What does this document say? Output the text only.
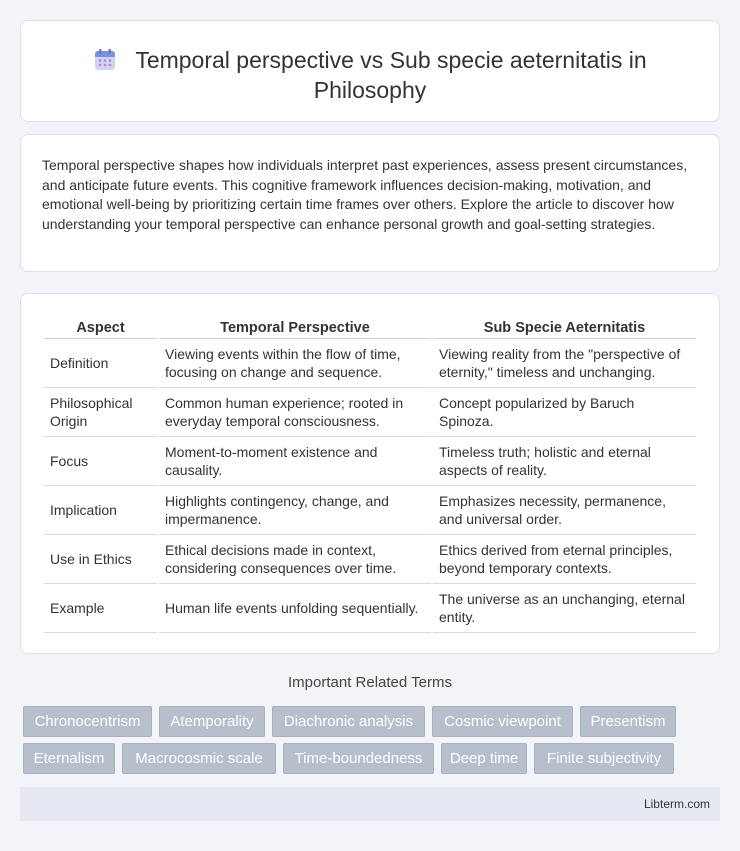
Temporal perspective vs Sub specie aeternitatis in
Philosophy

Temporal perspective shapes how individuals interpret past experiences, assess present circumstances, and anticipate future events. This cognitive framework influences decision-making, motivation, and emotional well-being by prioritizing certain time frames over others. Explore the article to discover how understanding your temporal perspective can enhance personal growth and goal-setting strategies.

Aspect	Temporal Perspective	Sub Specie Aeternitatis
Definition	Viewing events within the flow of time, focusing on change and sequence.	Viewing reality from the "perspective of eternity," timeless and unchanging.
Philosophical Origin	Common human experience; rooted in everyday temporal consciousness.	Concept popularized by Baruch Spinoza.
Focus	Moment-to-moment existence and causality.	Timeless truth; holistic and eternal aspects of reality.
Implication	Highlights contingency, change, and impermanence.	Emphasizes necessity, permanence, and universal order.
Use in Ethics	Ethical decisions made in context, considering consequences over time.	Ethics derived from eternal principles, beyond temporary contexts.
Example	Human life events unfolding sequentially.	The universe as an unchanging, eternal entity.
Important Related Terms
Chronocentrism	Atemporality	Diachronic analysis	Cosmic viewpoint	Presentism
Eternalism	Macrocosmic scale	Time-boundedness	Deep time	Finite subjectivity
Libterm.com
